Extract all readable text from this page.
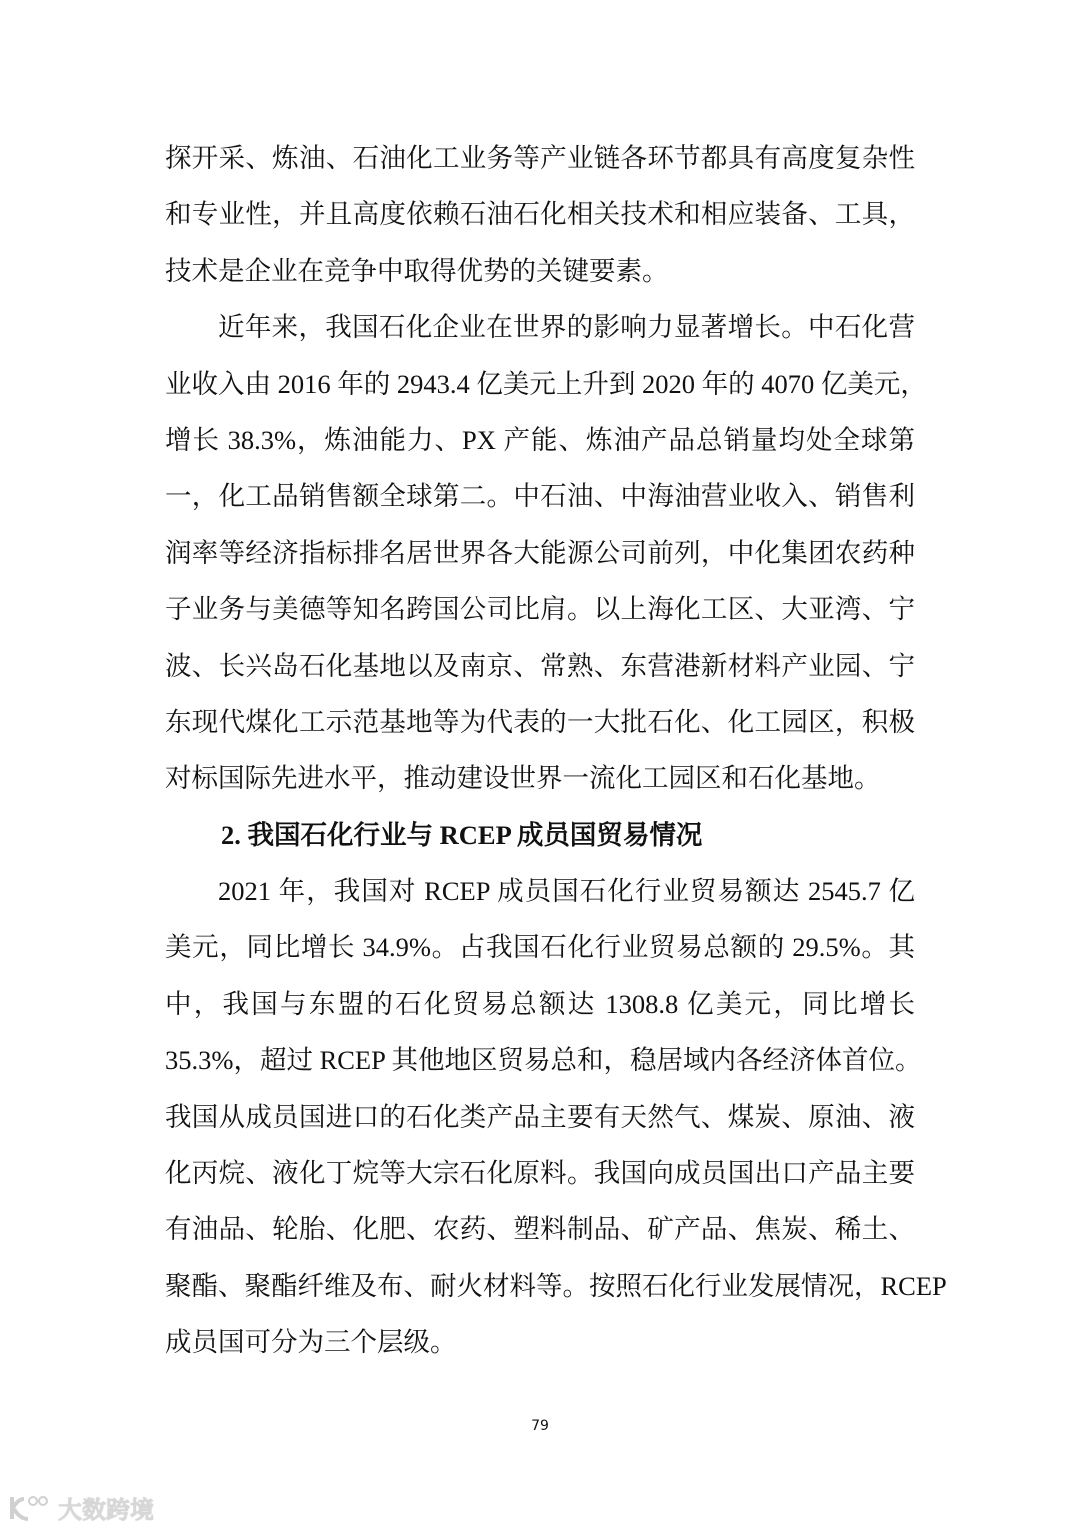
探开采、炼油、石油化工业务等产业链各环节都具有高度复杂性
和专业性，并且高度依赖石油石化相关技术和相应装备、工具，
技术是企业在竞争中取得优势的关键要素。
近年来，我国石化企业在世界的影响力显著增长。中石化营
业收入由 2016 年的 2943.4 亿美元上升到 2020 年的 4070 亿美元，
增长 38.3%，炼油能力、PX 产能、炼油产品总销量均处全球第
一，化工品销售额全球第二。中石油、中海油营业收入、销售利
润率等经济指标排名居世界各大能源公司前列，中化集团农药种
子业务与美德等知名跨国公司比肩。以上海化工区、大亚湾、宁
波、长兴岛石化基地以及南京、常熟、东营港新材料产业园、宁
东现代煤化工示范基地等为代表的一大批石化、化工园区，积极
对标国际先进水平，推动建设世界一流化工园区和石化基地。
2. 我国石化行业与 RCEP 成员国贸易情况
2021 年，我国对 RCEP 成员国石化行业贸易额达 2545.7 亿
美元，同比增长 34.9%。占我国石化行业贸易总额的 29.5%。其
中，我国与东盟的石化贸易总额达 1308.8 亿美元，同比增长
35.3%，超过 RCEP 其他地区贸易总和，稳居域内各经济体首位。
我国从成员国进口的石化类产品主要有天然气、煤炭、原油、液
化丙烷、液化丁烷等大宗石化原料。我国向成员国出口产品主要
有油品、轮胎、化肥、农药、塑料制品、矿产品、焦炭、稀土、
聚酯、聚酯纤维及布、耐火材料等。按照石化行业发展情况，RCEP
成员国可分为三个层级。
79
大数跨境
